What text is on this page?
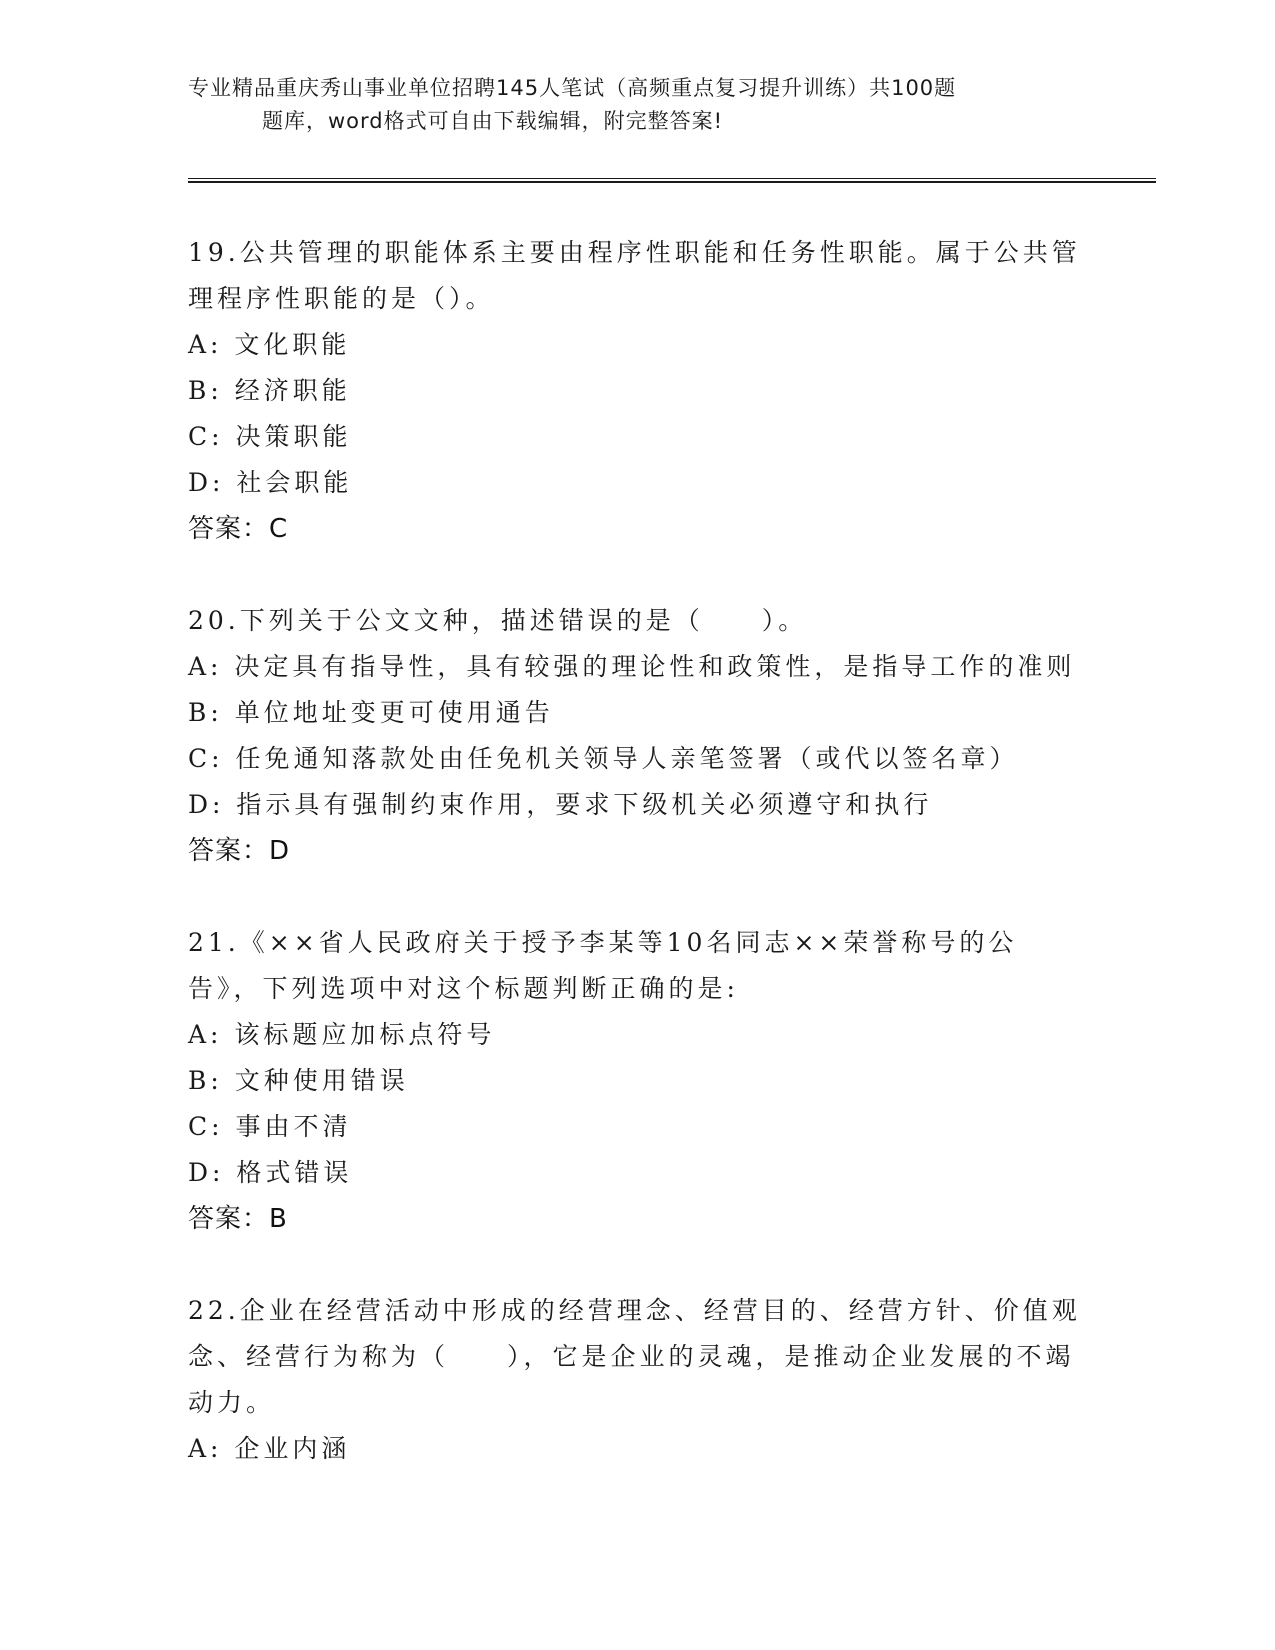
专业精品重庆秀山事业单位招聘145人笔试（高频重点复习提升训练）共100题
题库，word格式可自由下载编辑，附完整答案!
19.公共管理的职能体系主要由程序性职能和任务性职能。属于公共管理程序性职能的是（）。
A: 文化职能
B: 经济职能
C: 决策职能
D: 社会职能
答案：C
20.下列关于公文文种，描述错误的是（　　）。
A: 决定具有指导性，具有较强的理论性和政策性，是指导工作的准则
B: 单位地址变更可使用通告
C: 任免通知落款处由任免机关领导人亲笔签署（或代以签名章）
D: 指示具有强制约束作用，要求下级机关必须遵守和执行
答案：D
21.《××省人民政府关于授予李某等10名同志××荣誉称号的公告》，下列选项中对这个标题判断正确的是:
A: 该标题应加标点符号
B: 文种使用错误
C: 事由不清
D: 格式错误
答案：B
22.企业在经营活动中形成的经营理念、经营目的、经营方针、价值观念、经营行为称为（　　），它是企业的灵魂，是推动企业发展的不竭动力。
A: 企业内涵
